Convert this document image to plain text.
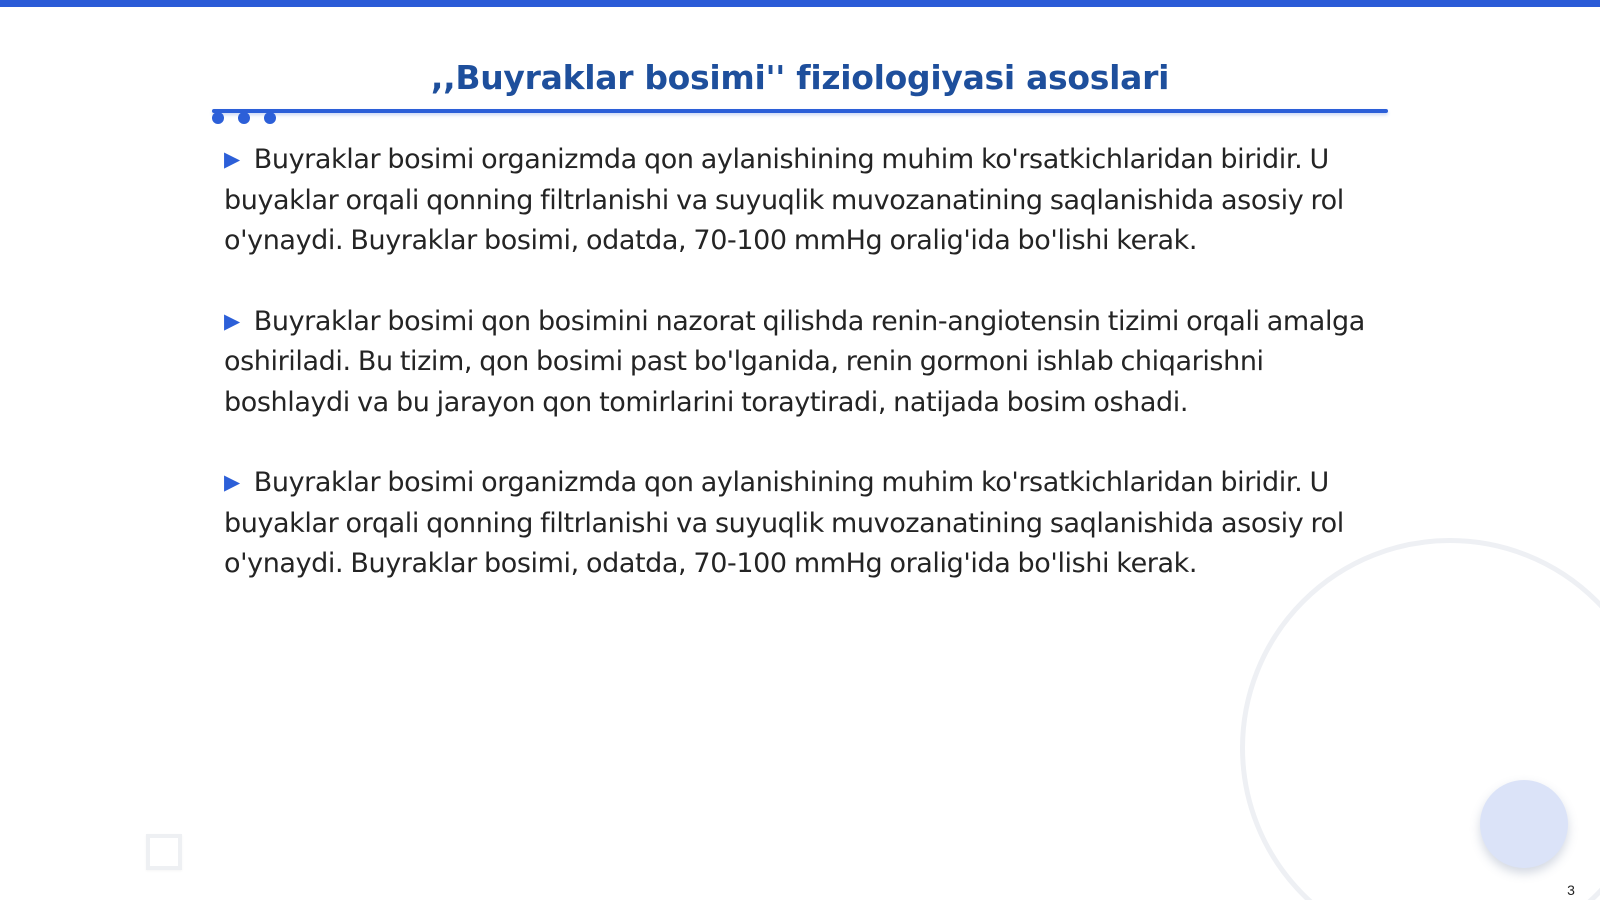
,,Buyraklar bosimi'' fiziologiyasi asoslari

▶ Buyraklar bosimi organizmda qon aylanishining muhim ko'rsatkichlaridan biridir. U buyaklar orqali qonning filtrlanishi va suyuqlik muvozanatining saqlanishida asosiy rol o'ynaydi. Buyraklar bosimi, odatda, 70-100 mmHg oralig'ida bo'lishi kerak.

▶ Buyraklar bosimi qon bosimini nazorat qilishda renin-angiotensin tizimi orqali amalga oshiriladi. Bu tizim, qon bosimi past bo'lganida, renin gormoni ishlab chiqarishni boshlaydi va bu jarayon qon tomirlarini toraytiradi, natijada bosim oshadi.

▶ Buyraklar bosimi organizmda qon aylanishining muhim ko'rsatkichlaridan biridir. U buyaklar orqali qonning filtrlanishi va suyuqlik muvozanatining saqlanishida asosiy rol o'ynaydi. Buyraklar bosimi, odatda, 70-100 mmHg oralig'ida bo'lishi kerak.

3
